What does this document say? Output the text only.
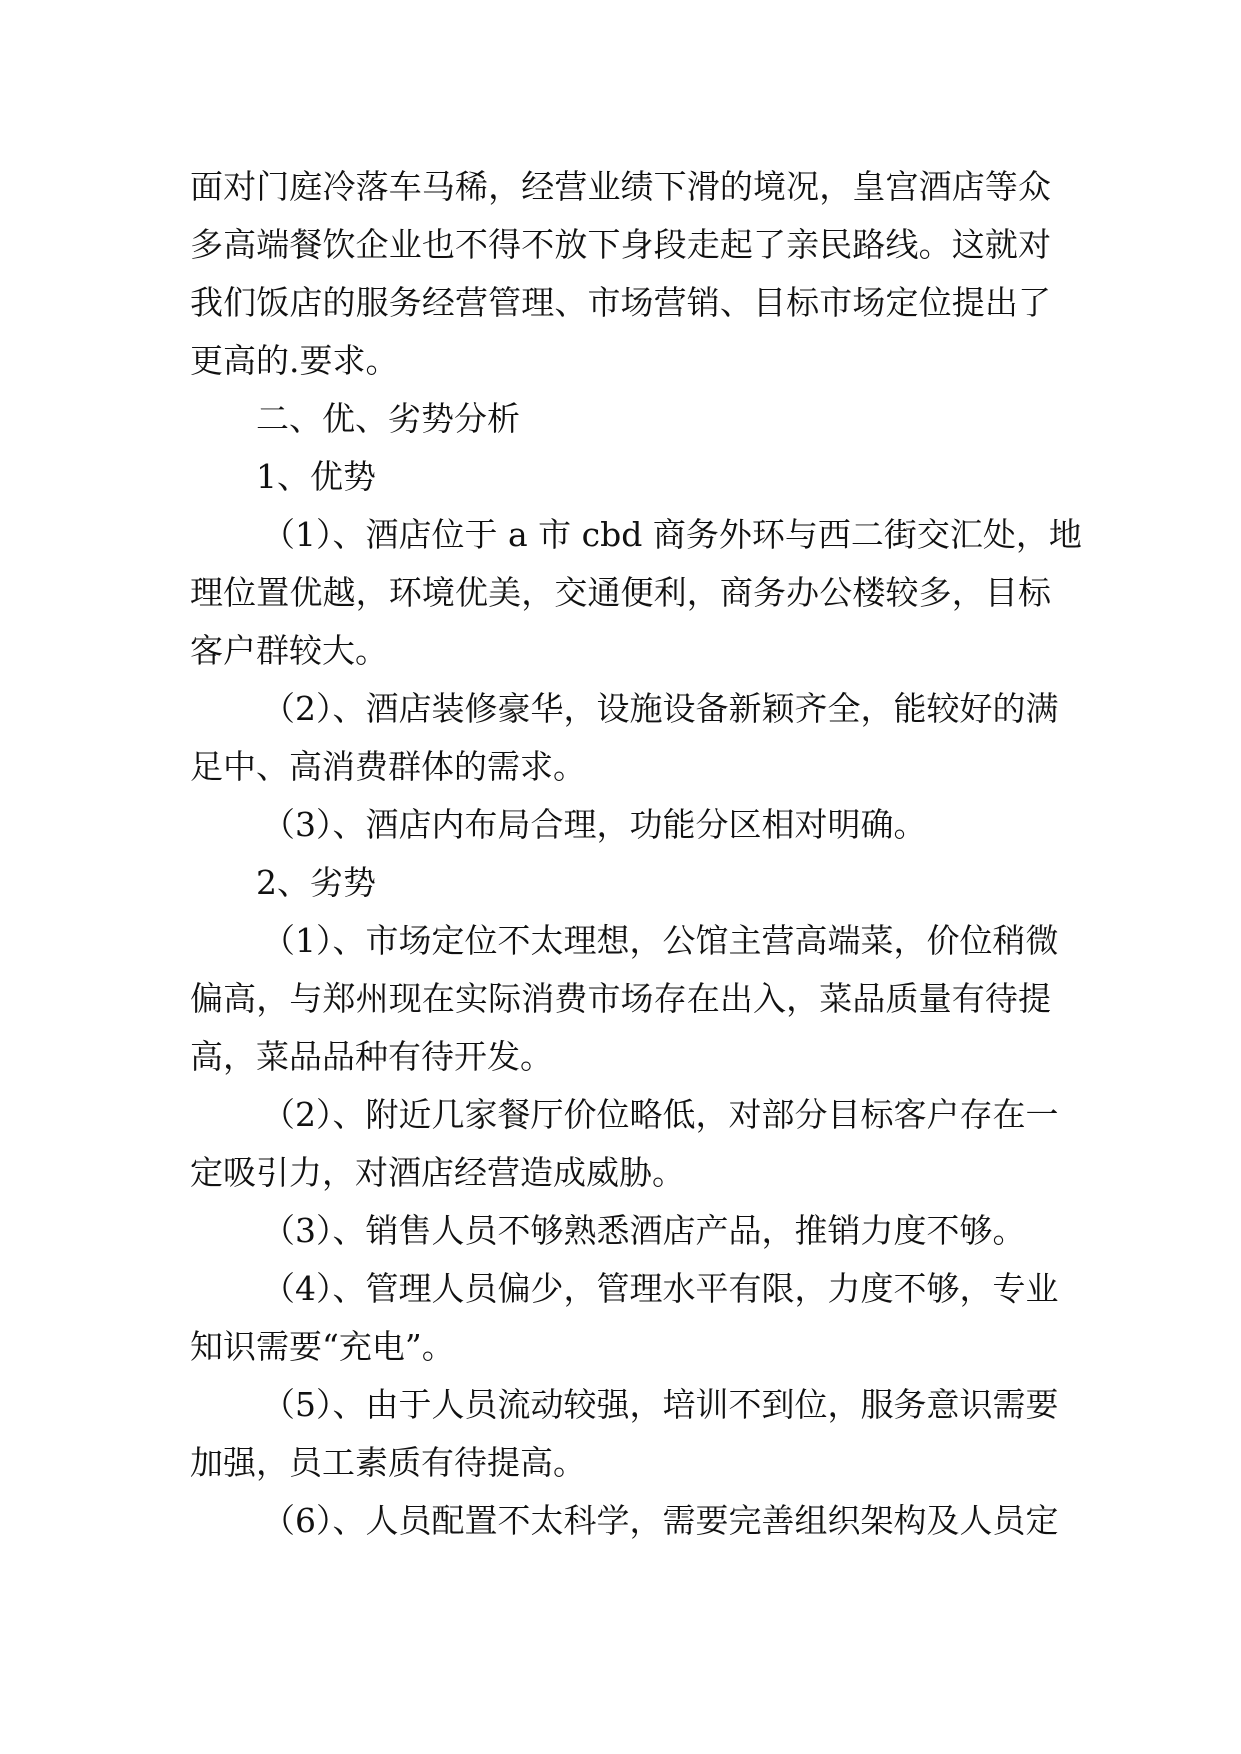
面对门庭冷落车马稀，经营业绩下滑的境况，皇宫酒店等众
多高端餐饮企业也不得不放下身段走起了亲民路线。这就对
我们饭店的服务经营管理、市场营销、目标市场定位提出了
更高的.要求。
二、优、劣势分析
1、优势
（1）、酒店位于 a 市 cbd 商务外环与西二街交汇处，地
理位置优越，环境优美，交通便利，商务办公楼较多，目标
客户群较大。
（2）、酒店装修豪华，设施设备新颖齐全，能较好的满
足中、高消费群体的需求。
（3）、酒店内布局合理，功能分区相对明确。
2、劣势
（1）、市场定位不太理想，公馆主营高端菜，价位稍微
偏高，与郑州现在实际消费市场存在出入，菜品质量有待提
高，菜品品种有待开发。
（2）、附近几家餐厅价位略低，对部分目标客户存在一
定吸引力，对酒店经营造成威胁。
（3）、销售人员不够熟悉酒店产品，推销力度不够。
（4）、管理人员偏少，管理水平有限，力度不够，专业
知识需要“充电”。
（5）、由于人员流动较强，培训不到位，服务意识需要
加强，员工素质有待提高。
（6）、人员配置不太科学，需要完善组织架构及人员定
